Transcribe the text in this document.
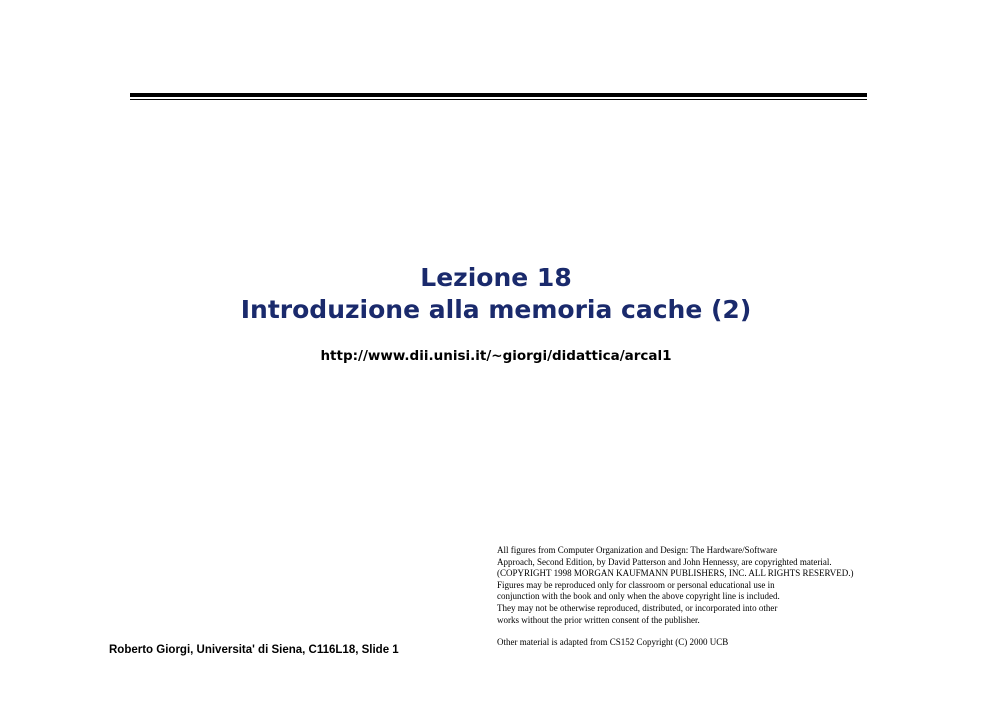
Lezione 18
Introduzione alla memoria cache (2)
http://www.dii.unisi.it/~giorgi/didattica/arcal1
All figures from Computer Organization and Design: The Hardware/Software
Approach, Second Edition, by David Patterson and John Hennessy, are copyrighted material.
(COPYRIGHT 1998 MORGAN KAUFMANN PUBLISHERS, INC. ALL RIGHTS RESERVED.)
Figures may be reproduced only for classroom or personal educational use in
conjunction with the book and only when the above copyright line is included.
They may not be otherwise reproduced, distributed, or incorporated into other
works without the prior written consent of the publisher.
Other material is adapted from CS152 Copyright (C) 2000 UCB
Roberto Giorgi, Universita' di Siena, C116L18, Slide 1
